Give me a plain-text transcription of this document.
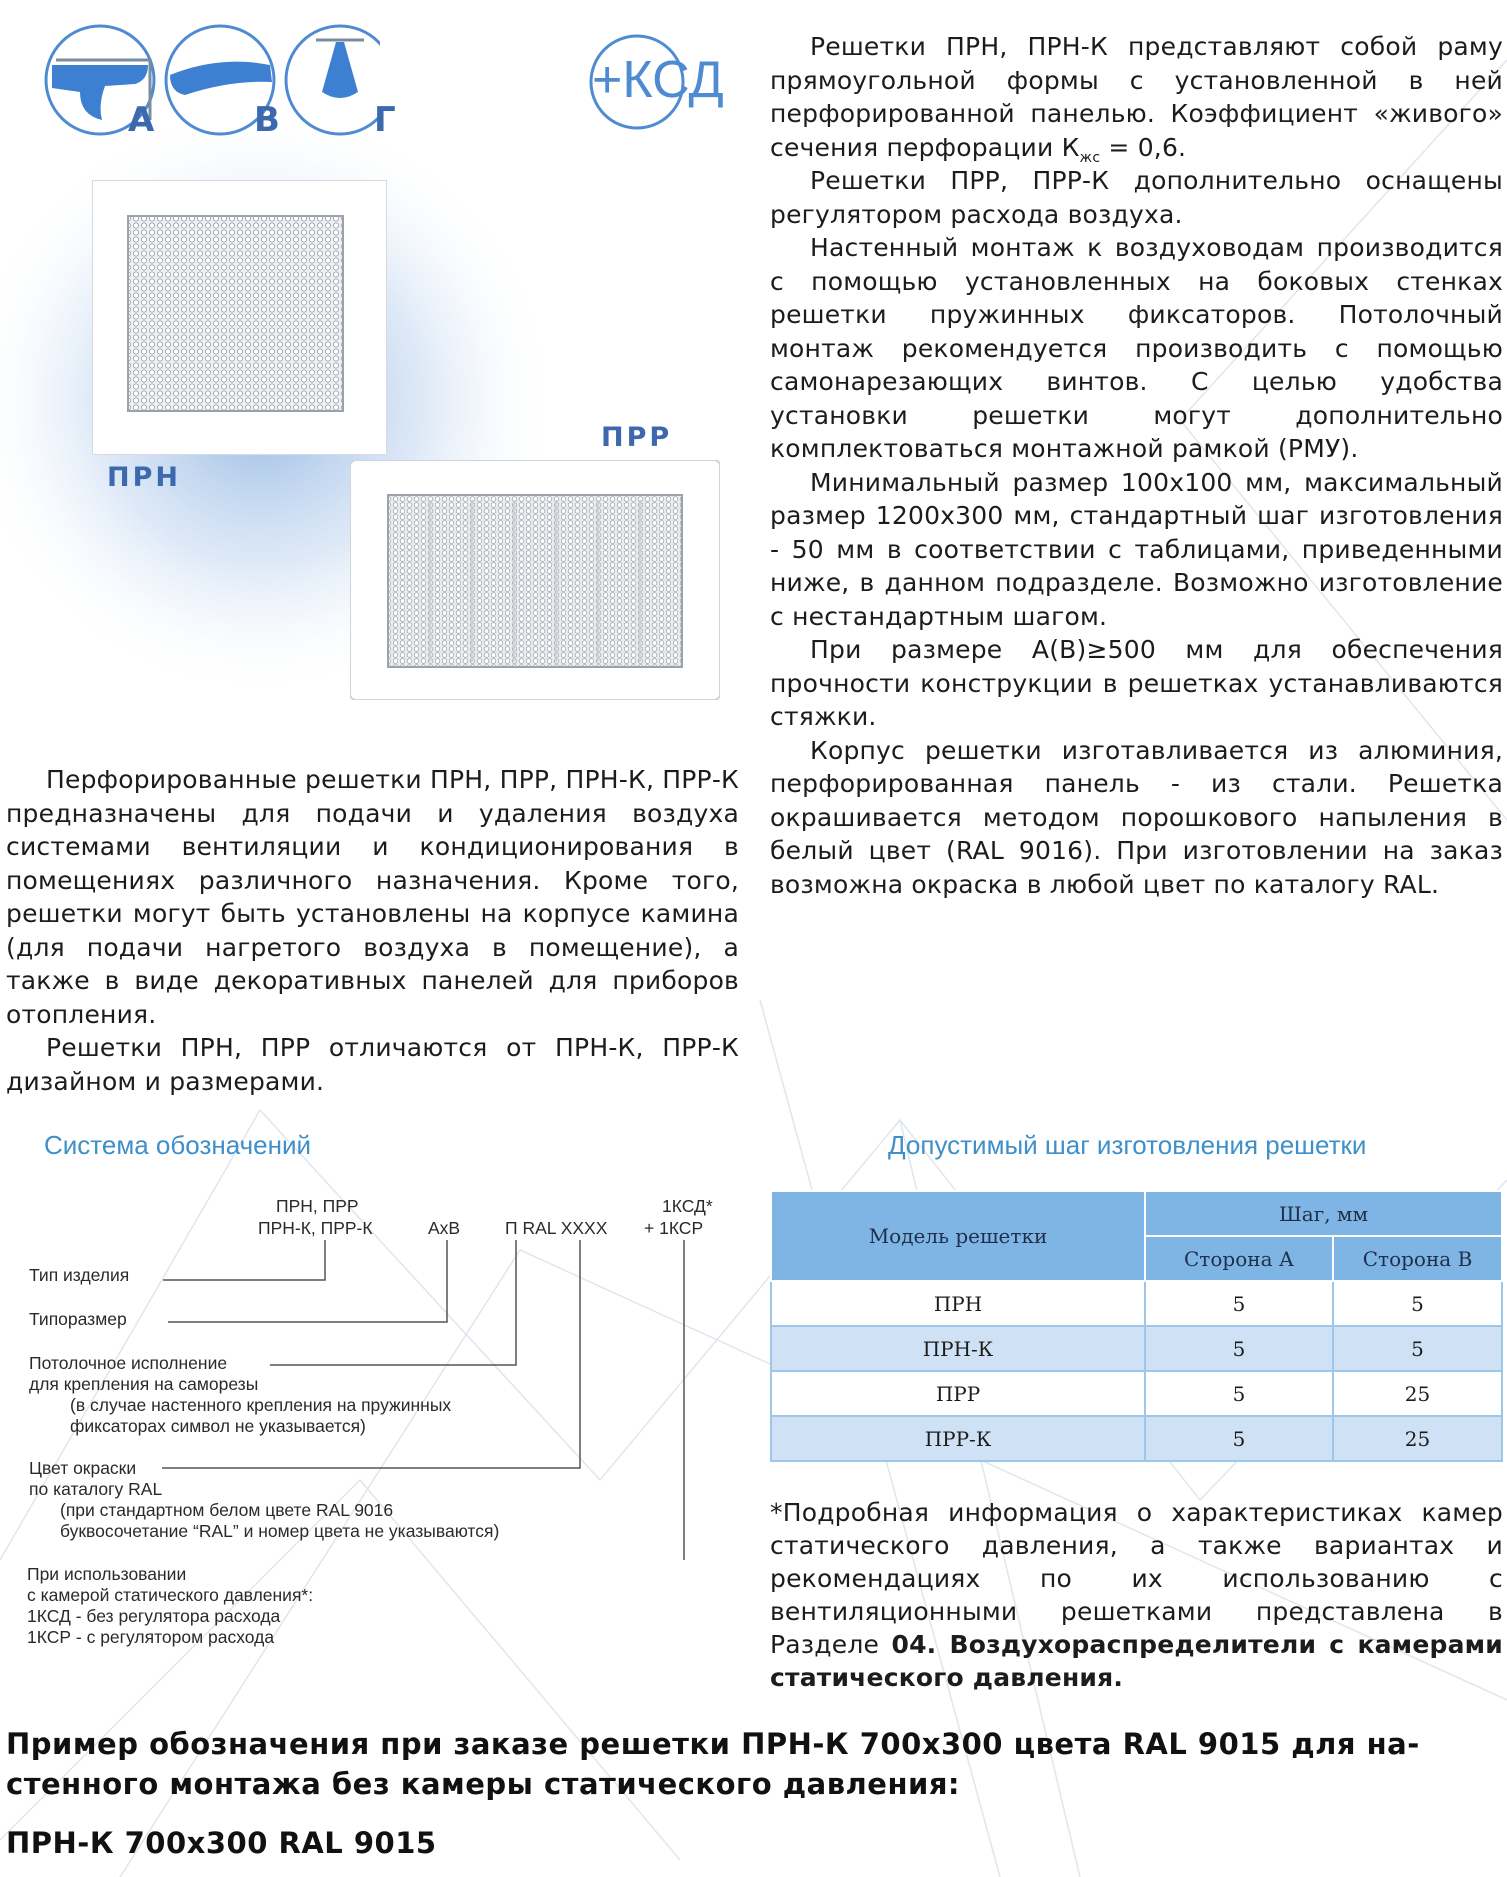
А	В	Г
+КСД
ПРН
ПРР

Решетки ПРН, ПРН-К представляют собой раму прямоугольной формы с установленной в ней перфорированной панелью. Коэффициент «живого» сечения перфорации $К_{жс} = 0,6$.

Решетки ПРР, ПРР-К дополнительно оснащены регулятором расхода воздуха.

Настенный монтаж к воздуховодам производится с помощью установленных на боковых стенках решетки пружинных фиксаторов. Потолочный монтаж рекомендуется производить с помощью самонарезающих винтов. С целью удобства установки решетки могут дополнительно комплектоваться монтажной рамкой (РМУ).

Минимальный размер 100х100 мм, максимальный размер 1200х300 мм, стандартный шаг изготовления - 50 мм в соответствии с таблицами, приведенными ниже, в данном подразделе. Возможно изготовление с нестандартным шагом.

При размере А(В)≥500 мм для обеспечения прочности конструкции в решетках устанавливаются стяжки.

Корпус решетки изготавливается из алюминия, перфорированная панель - из стали. Решетка окрашивается методом порошкового напыления в белый цвет (RAL 9016). При изготовлении на заказ возможна окраска в любой цвет по каталогу RAL.

Перфорированные решетки ПРН, ПРР, ПРН-К, ПРР-К предназначены для подачи и удаления воздуха системами вентиляции и кондиционирования в помещениях различного назначения. Кроме того, решетки могут быть установлены на корпусе камина (для подачи нагретого воздуха в помещение), а также в виде декоративных панелей для приборов отопления.

Решетки ПРН, ПРР отличаются от ПРН-К, ПРР-К дизайном и размерами.

Система обозначений
ПРН, ПРР
ПРН-К, ПРР-К	АхВ	П RAL XXXX
1КСД*
+ 1КСР
Тип изделия
Типоразмер
Потолочное исполнение
для крепления на саморезы
(в случае настенного крепления на пружинных
фиксаторах символ не указывается)
Цвет окраски
по каталогу RAL
(при стандартном белом цвете RAL 9016
буквосочетание “RAL” и номер цвета не указываются)
При использовании
с камерой статического давления*:
1КСД - без регулятора расхода
1КСР - с регулятором расхода
Допустимый шаг изготовления решетки
Модель решетки	Шаг, мм	
	Сторона А	Сторона В
ПРН	5	5
ПРН-К	5	5
ПРР	5	25
ПРР-К	5	25

*Подробная информация о характеристиках камер статического давления, а также вариантах и рекомендациях по их использованию с вентиляционными решетками представлена в Разделе 04. Воздухораспределители с камерами статического давления.

Пример обозначения при заказе решетки ПРН-К 700х300 цвета RAL 9015 для на-
стенного монтажа без камеры статического давления:
ПРН-К 700х300 RAL 9015
